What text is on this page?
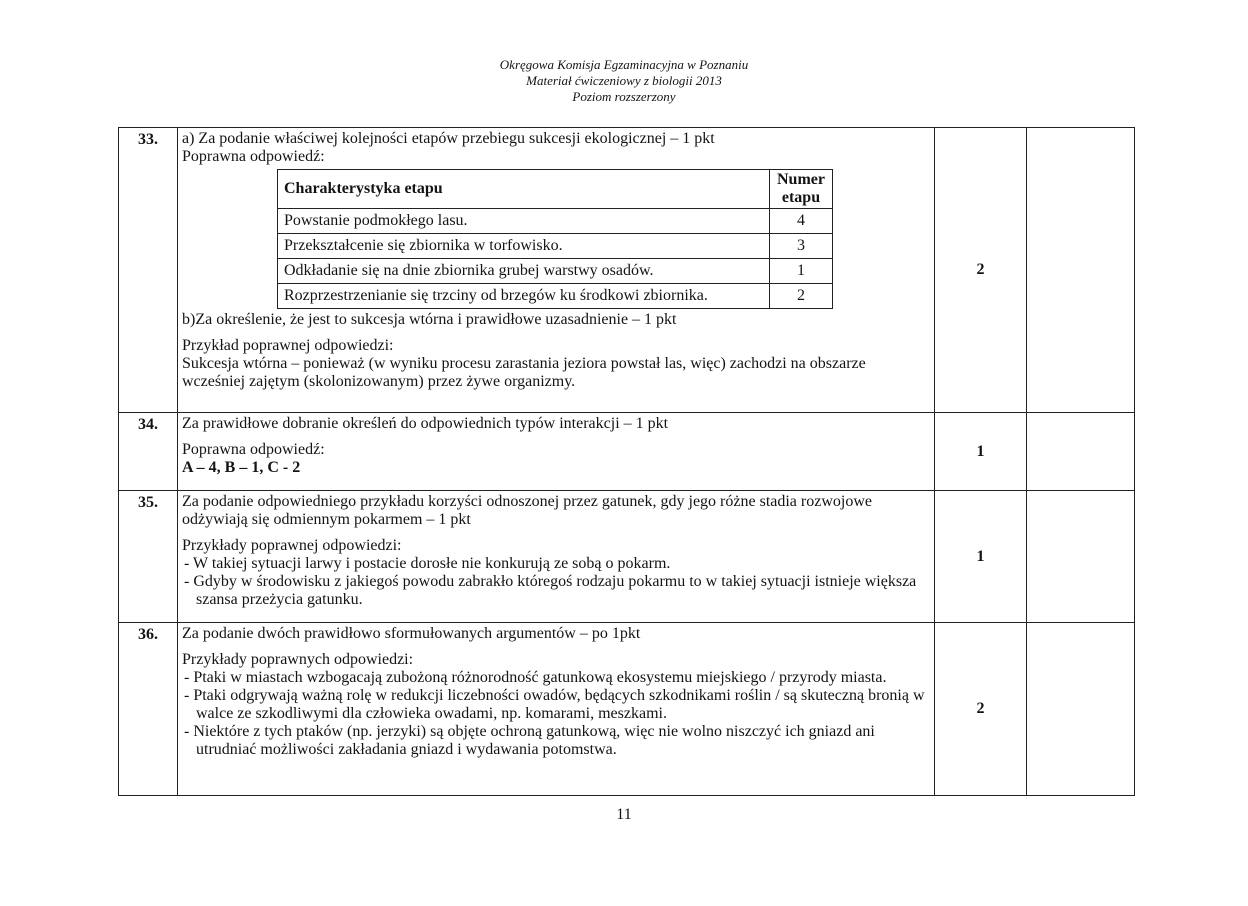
Okręgowa Komisja Egzaminacyjna w Poznaniu
Materiał ćwiczeniowy z biologii 2013
Poziom rozszerzony
33.	a) Za podanie właściwej kolejności etapów przebiegu sukcesji ekologicznej – 1 pkt

Poprawna odpowiedź:

Charakterystyka etapu	Numer etapu
Powstanie podmokłego lasu.	4
Przekształcenie się zbiornika w torfowisko.	3
Odkładanie się na dnie zbiornika grubej warstwy osadów.	1
Rozprzestrzenianie się trzciny od brzegów ku środkowi zbiornika.	2

b)Za określenie, że jest to sukcesja wtórna i prawidłowe uzasadnienie – 1 pkt

Przykład poprawnej odpowiedzi:

Sukcesja wtórna – ponieważ (w wyniku procesu zarastania jeziora powstał las, więc) zachodzi na obszarze wcześniej zajętym (skolonizowanym) przez żywe organizmy.

	2	
34.	Za prawidłowe dobranie określeń do odpowiednich typów interakcji – 1 pkt

Poprawna odpowiedź:

A – 4, B – 1, C - 2

	1	
35.	Za podanie odpowiedniego przykładu korzyści odnoszonej przez gatunek, gdy jego różne stadia rozwojowe odżywiają się odmiennym pokarmem – 1 pkt

Przykłady poprawnej odpowiedzi:

- W takiej sytuacji larwy i postacie dorosłe nie konkurują ze sobą o pokarm.

- Gdyby w środowisku z jakiegoś powodu zabrakło któregoś rodzaju pokarmu to w takiej sytuacji istnieje większa szansa przeżycia gatunku.

	1	
36.	Za podanie dwóch prawidłowo sformułowanych argumentów – po 1pkt

Przykłady poprawnych odpowiedzi:

- Ptaki w miastach wzbogacają zubożoną różnorodność gatunkową ekosystemu miejskiego / przyrody miasta.

- Ptaki odgrywają ważną rolę w redukcji liczebności owadów, będących szkodnikami roślin / są skuteczną bronią w walce ze szkodliwymi dla człowieka owadami, np. komarami, meszkami.

- Niektóre z tych ptaków (np. jerzyki) są objęte ochroną gatunkową, więc nie wolno niszczyć ich gniazd ani utrudniać możliwości zakładania gniazd i wydawania potomstwa.

	2	
11
